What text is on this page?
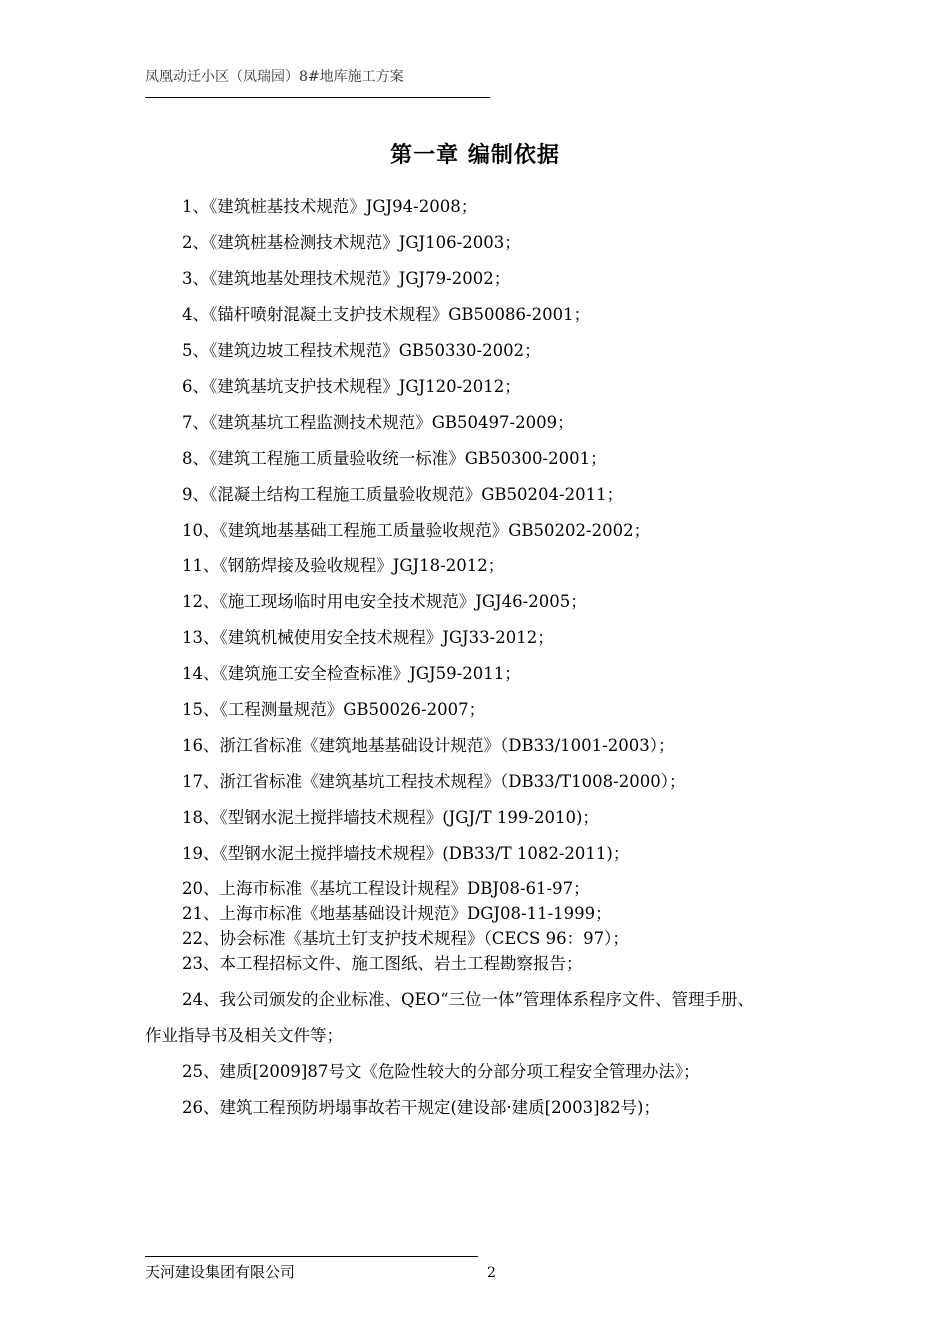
凤凰动迁小区（凤瑞园）8#地库施工方案
第一章 编制依据
1、《建筑桩基技术规范》JGJ94-2008；
2、《建筑桩基检测技术规范》JGJ106-2003；
3、《建筑地基处理技术规范》JGJ79-2002；
4、《锚杆喷射混凝土支护技术规程》GB50086-2001；
5、《建筑边坡工程技术规范》GB50330-2002；
6、《建筑基坑支护技术规程》JGJ120-2012；
7、《建筑基坑工程监测技术规范》GB50497-2009；
8、《建筑工程施工质量验收统一标准》GB50300-2001；
9、《混凝土结构工程施工质量验收规范》GB50204-2011；
10、《建筑地基基础工程施工质量验收规范》GB50202-2002；
11、《钢筋焊接及验收规程》JGJ18-2012；
12、《施工现场临时用电安全技术规范》JGJ46-2005；
13、《建筑机械使用安全技术规程》JGJ33-2012；
14、《建筑施工安全检查标准》JGJ59-2011；
15、《工程测量规范》GB50026-2007；
16、浙江省标准《建筑地基基础设计规范》（DB33/1001-2003）；
17、浙江省标准《建筑基坑工程技术规程》（DB33/T1008-2000）；
18、《型钢水泥土搅拌墙技术规程》(JGJ/T 199-2010)；
19、《型钢水泥土搅拌墙技术规程》(DB33/T 1082-2011)；
20、上海市标准《基坑工程设计规程》DBJ08-61-97；
21、上海市标准《地基基础设计规范》DGJ08-11-1999；
22、协会标准《基坑土钉支护技术规程》（CECS 96：97）；
23、本工程招标文件、施工图纸、岩土工程勘察报告；
24、我公司颁发的企业标准、QEO“三位一体”管理体系程序文件、管理手册、
作业指导书及相关文件等；
25、建质[2009]87号文《危险性较大的分部分项工程安全管理办法》；
26、建筑工程预防坍塌事故若干规定(建设部·建质[2003]82号)；
天河建设集团有限公司	2
